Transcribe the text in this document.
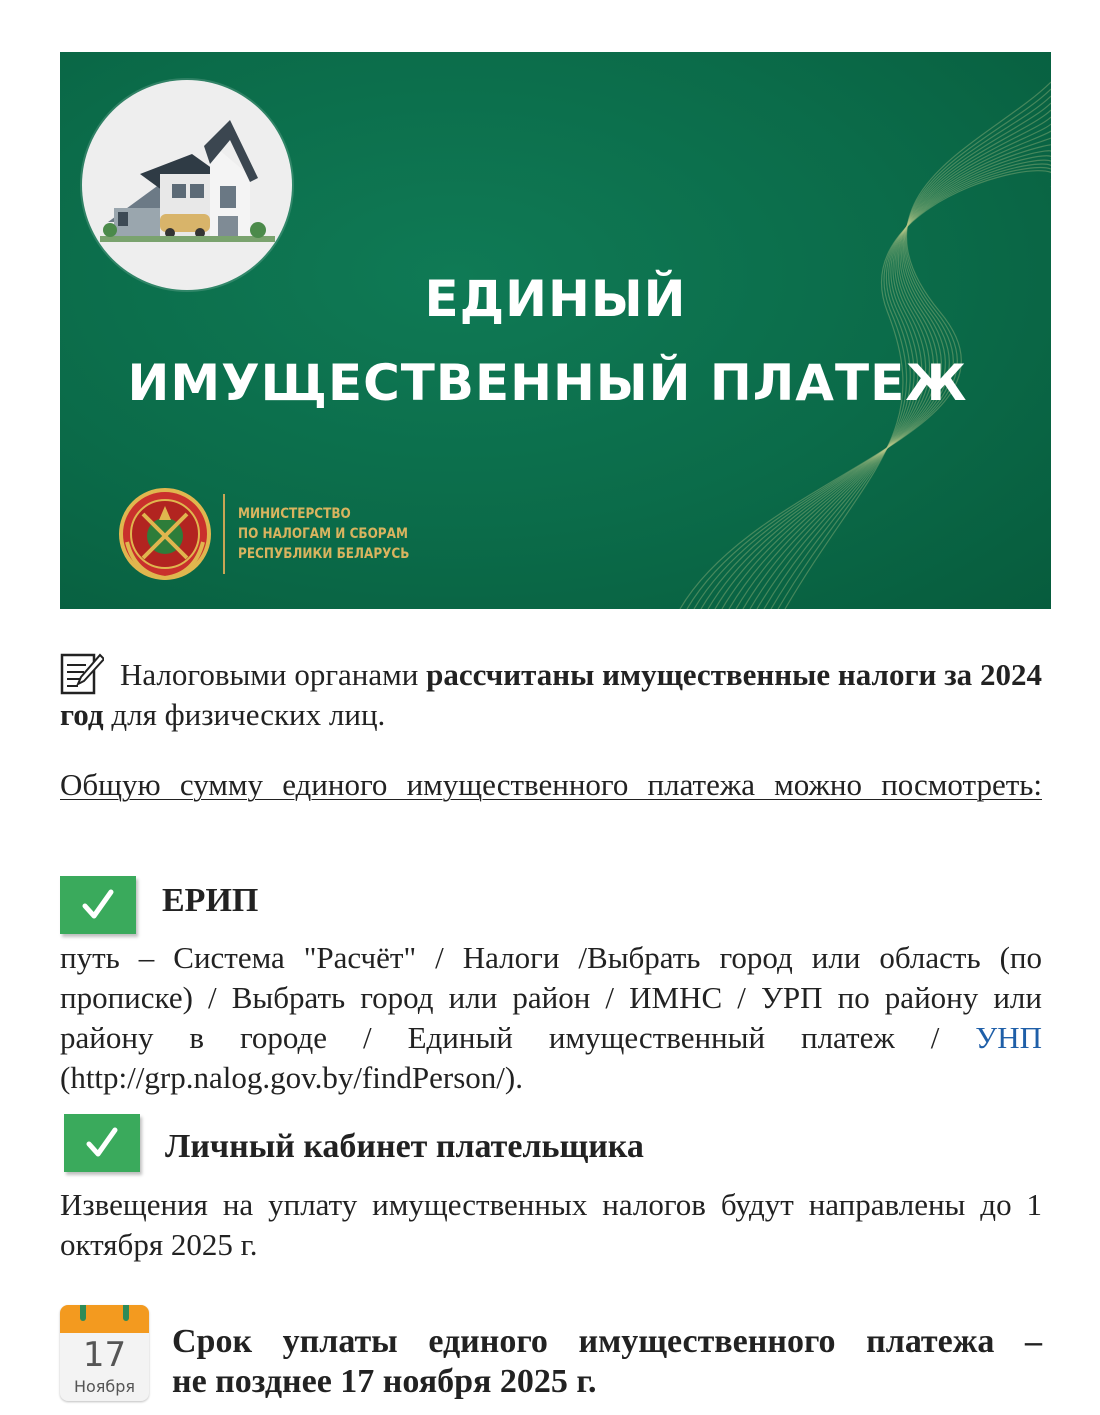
ЕДИНЫЙ
ИМУЩЕСТВЕННЫЙ ПЛАТЕЖ
МИНИСТЕРСТВО
ПО НАЛОГАМ И СБОРАМ
РЕСПУБЛИКИ БЕЛАРУСЬ

Налоговыми органами рассчитаны имущественные налоги за 2024 год для физических лиц.

Общую сумму единого имущественного платежа можно посмотреть:

ЕРИП

путь – Система "Расчёт" / Налоги /Выбрать город или область (по прописке) / Выбрать город или район / ИМНС / УРП по району или району в городе / Единый имущественный платеж / УНП (http://grp.nalog.gov.by/findPerson/).

Личный кабинет плательщика

Извещения на уплату имущественных налогов будут направлены до 1 октября 2025 г.

17
Ноября

Срок уплаты единого имущественного платежа –
не позднее 17 ноября 2025 г.
